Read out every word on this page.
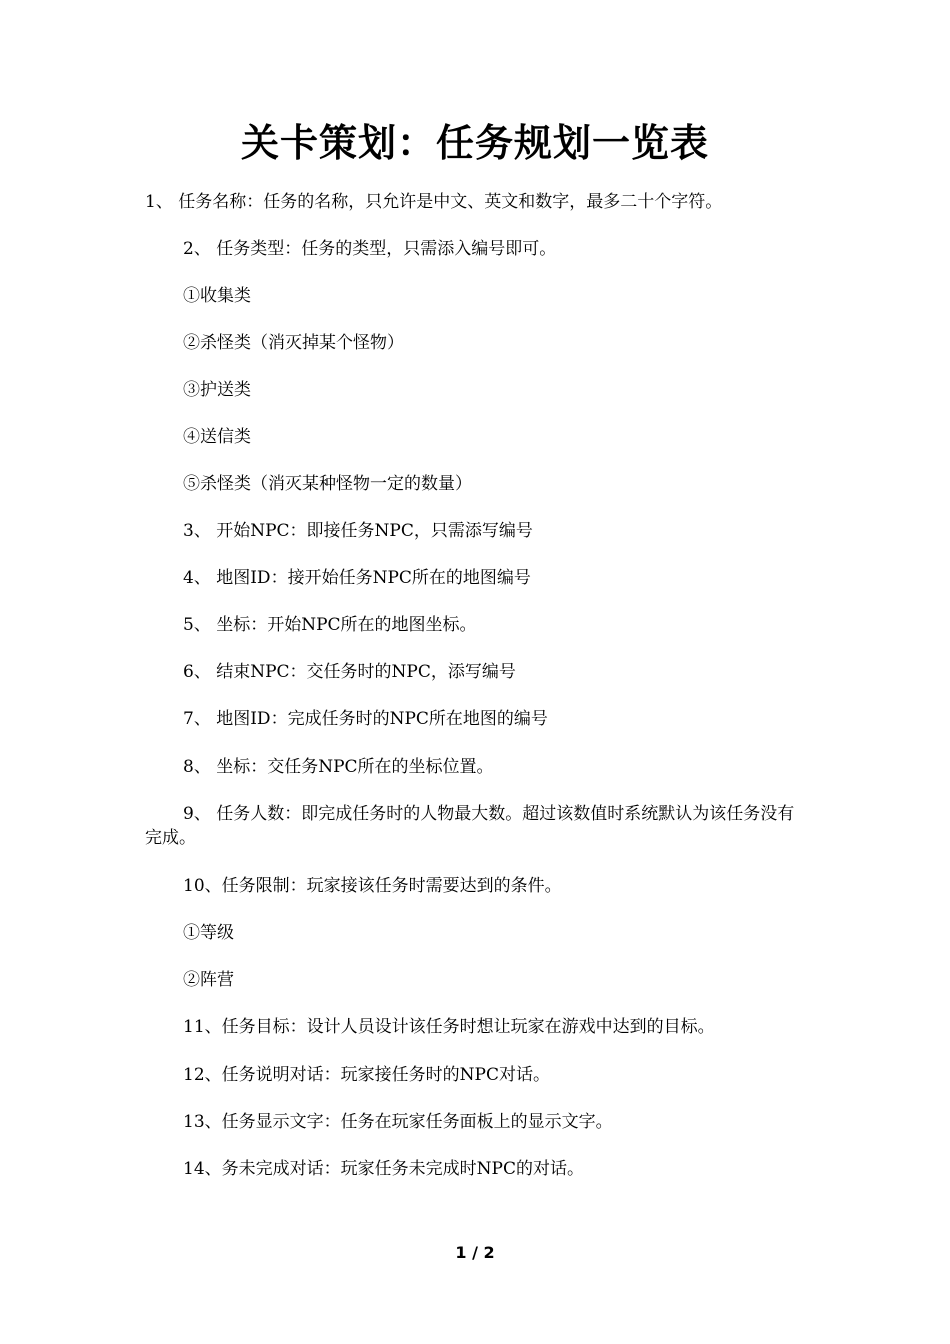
关卡策划：任务规划一览表
1、 任务名称：任务的名称，只允许是中文、英文和数字，最多二十个字符。
2、 任务类型：任务的类型，只需添入编号即可。
①收集类
②杀怪类（消灭掉某个怪物）
③护送类
④送信类
⑤杀怪类（消灭某种怪物一定的数量）
3、 开始NPC：即接任务NPC，只需添写编号
4、 地图ID：接开始任务NPC所在的地图编号
5、 坐标：开始NPC所在的地图坐标。
6、 结束NPC：交任务时的NPC，添写编号
7、 地图ID：完成任务时的NPC所在地图的编号
8、 坐标：交任务NPC所在的坐标位置。
9、 任务人数：即完成任务时的人物最大数。超过该数值时系统默认为该任务没有完成。
10、任务限制：玩家接该任务时需要达到的条件。
①等级
②阵营
11、任务目标：设计人员设计该任务时想让玩家在游戏中达到的目标。
12、任务说明对话：玩家接任务时的NPC对话。
13、任务显示文字：任务在玩家任务面板上的显示文字。
14、务未完成对话：玩家任务未完成时NPC的对话。
1 / 2
